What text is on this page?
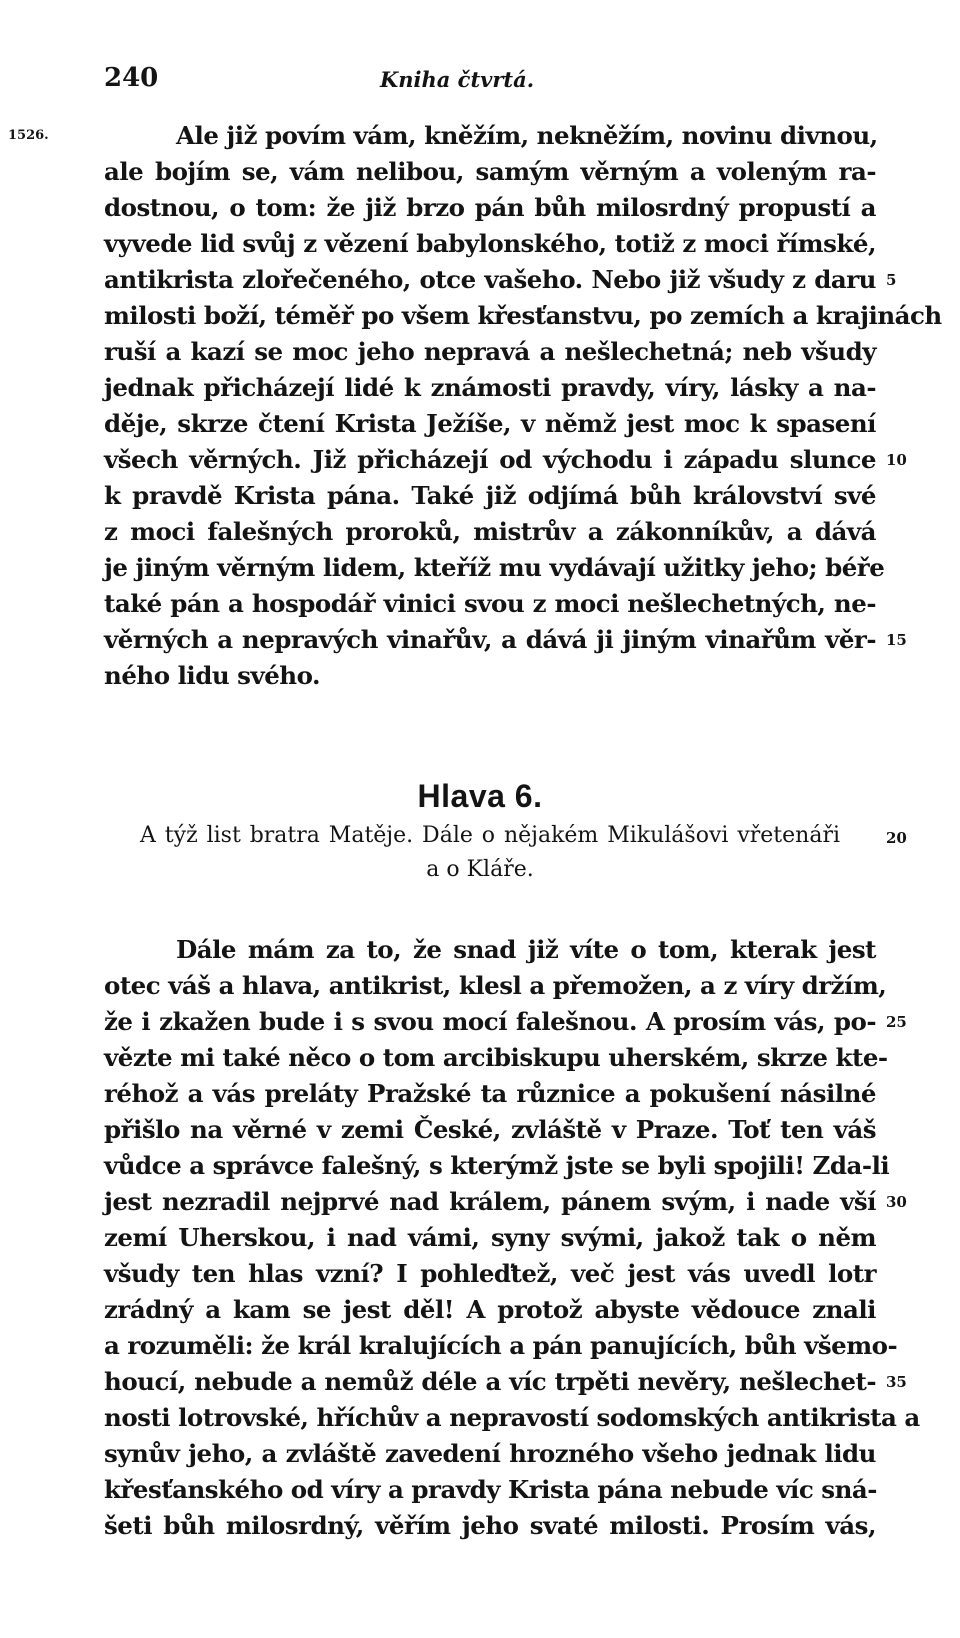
240	Kniha čtvrtá.
1526.	Ale již povím vám, kněžím, nekněžím, novinu divnou,
ale bojím se, vám nelibou, samým věrným a voleným ra-
dostnou, o tom: že již brzo pán bůh milosrdný propustí a
vyvede lid svůj z vězení babylonského, totiž z moci římské,
antikrista zlořečeného, otce vašeho. Nebo již všudy z daru
milosti boží, téměř po všem křesťanstvu, po zemích a krajinách
ruší a kazí se moc jeho nepravá a nešlechetná; neb všudy
jednak přicházejí lidé k známosti pravdy, víry, lásky a na-
děje, skrze čtení Krista Ježíše, v němž jest moc k spasení
všech věrných. Již přicházejí od východu i západu slunce
k pravdě Krista pána. Také již odjímá bůh království své
z moci falešných proroků, mistrův a zákonníkův, a dává
je jiným věrným lidem, kteříž mu vydávají užitky jeho; béře
také pán a hospodář vinici svou z moci nešlechetných, ne-
věrných a nepravých vinařův, a dává ji jiným vinařům věr-
ného lidu svého.
5
10
15
Hlava 6.
A týž list bratra Matěje. Dále o nějakém Mikulášovi vřetenáři
a o Kláře.
20
Dále mám za to, že snad již víte o tom, kterak jest
otec váš a hlava, antikrist, klesl a přemožen, a z víry držím,
že i zkažen bude i s svou mocí falešnou. A prosím vás, po-
vězte mi také něco o tom arcibiskupu uherském, skrze kte-
réhož a vás preláty Pražské ta různice a pokušení násilné
přišlo na věrné v zemi České, zvláště v Praze. Toť ten váš
vůdce a správce falešný, s kterýmž jste se byli spojili! Zda-li
jest nezradil nejprvé nad králem, pánem svým, i nade vší
zemí Uherskou, i nad vámi, syny svými, jakož tak o něm
všudy ten hlas vzní? I pohleďtež, več jest vás uvedl lotr
zrádný a kam se jest děl! A protož abyste vědouce znali
a rozuměli: že král kralujících a pán panujících, bůh všemo-
houcí, nebude a nemůž déle a víc trpěti nevěry, nešlechet-
nosti lotrovské, hříchův a nepravostí sodomských antikrista a
synův jeho, a zvláště zavedení hrozného všeho jednak lidu
křesťanského od víry a pravdy Krista pána nebude víc sná-
šeti bůh milosrdný, věřím jeho svaté milosti. Prosím vás,
25
30
35
